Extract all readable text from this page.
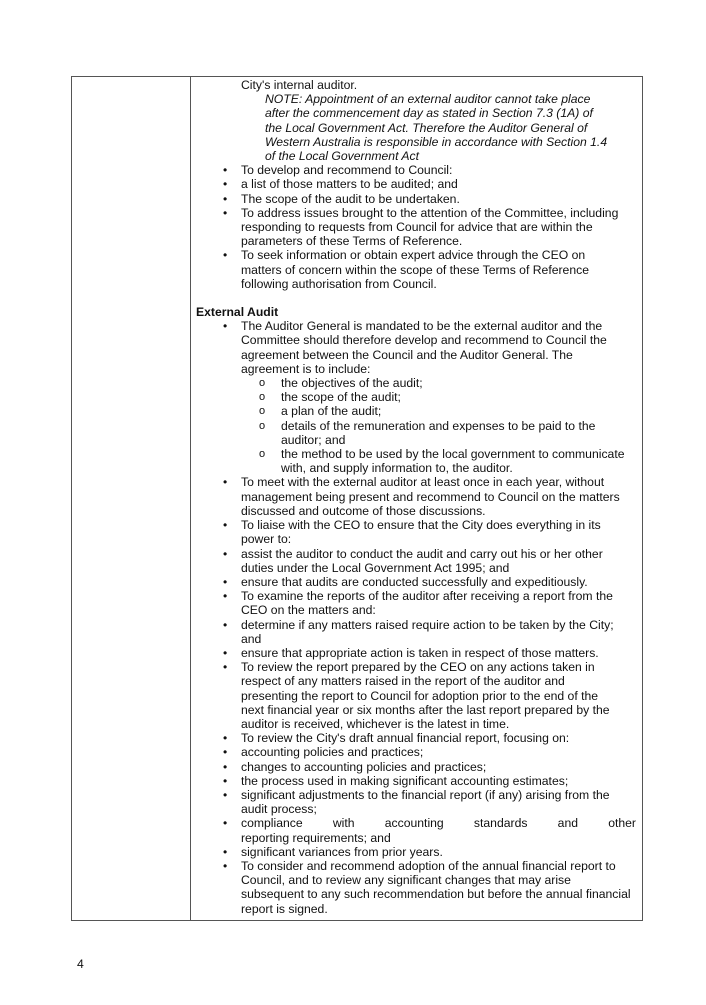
City's internal auditor.
NOTE: Appointment of an external auditor cannot take place
after the commencement day as stated in Section 7.3 (1A) of
the Local Government Act. Therefore the Auditor General of
Western Australia is responsible in accordance with Section 1.4
of the Local Government Act
• To develop and recommend to Council:
• a list of those matters to be audited; and
• The scope of the audit to be undertaken.
• To address issues brought to the attention of the Committee, including
responding to requests from Council for advice that are within the
parameters of these Terms of Reference.
• To seek information or obtain expert advice through the CEO on
matters of concern within the scope of these Terms of Reference
following authorisation from Council.
External Audit
• The Auditor General is mandated to be the external auditor and the
Committee should therefore develop and recommend to Council the
agreement between the Council and the Auditor General. The
agreement is to include:
o the objectives of the audit;
o the scope of the audit;
o a plan of the audit;
o details of the remuneration and expenses to be paid to the
auditor; and
o the method to be used by the local government to communicate
with, and supply information to, the auditor.
• To meet with the external auditor at least once in each year, without
management being present and recommend to Council on the matters
discussed and outcome of those discussions.
• To liaise with the CEO to ensure that the City does everything in its
power to:
• assist the auditor to conduct the audit and carry out his or her other
duties under the Local Government Act 1995; and
• ensure that audits are conducted successfully and expeditiously.
• To examine the reports of the auditor after receiving a report from the
CEO on the matters and:
• determine if any matters raised require action to be taken by the City;
and
• ensure that appropriate action is taken in respect of those matters.
• To review the report prepared by the CEO on any actions taken in
respect of any matters raised in the report of the auditor and
presenting the report to Council for adoption prior to the end of the
next financial year or six months after the last report prepared by the
auditor is received, whichever is the latest in time.
• To review the City's draft annual financial report, focusing on:
• accounting policies and practices;
• changes to accounting policies and practices;
• the process used in making significant accounting estimates;
• significant adjustments to the financial report (if any) arising from the
audit process;
• compliance with accounting standards and other
reporting requirements; and
• significant variances from prior years.
• To consider and recommend adoption of the annual financial report to
Council, and to review any significant changes that may arise
subsequent to any such recommendation but before the annual financial
report is signed.
4
